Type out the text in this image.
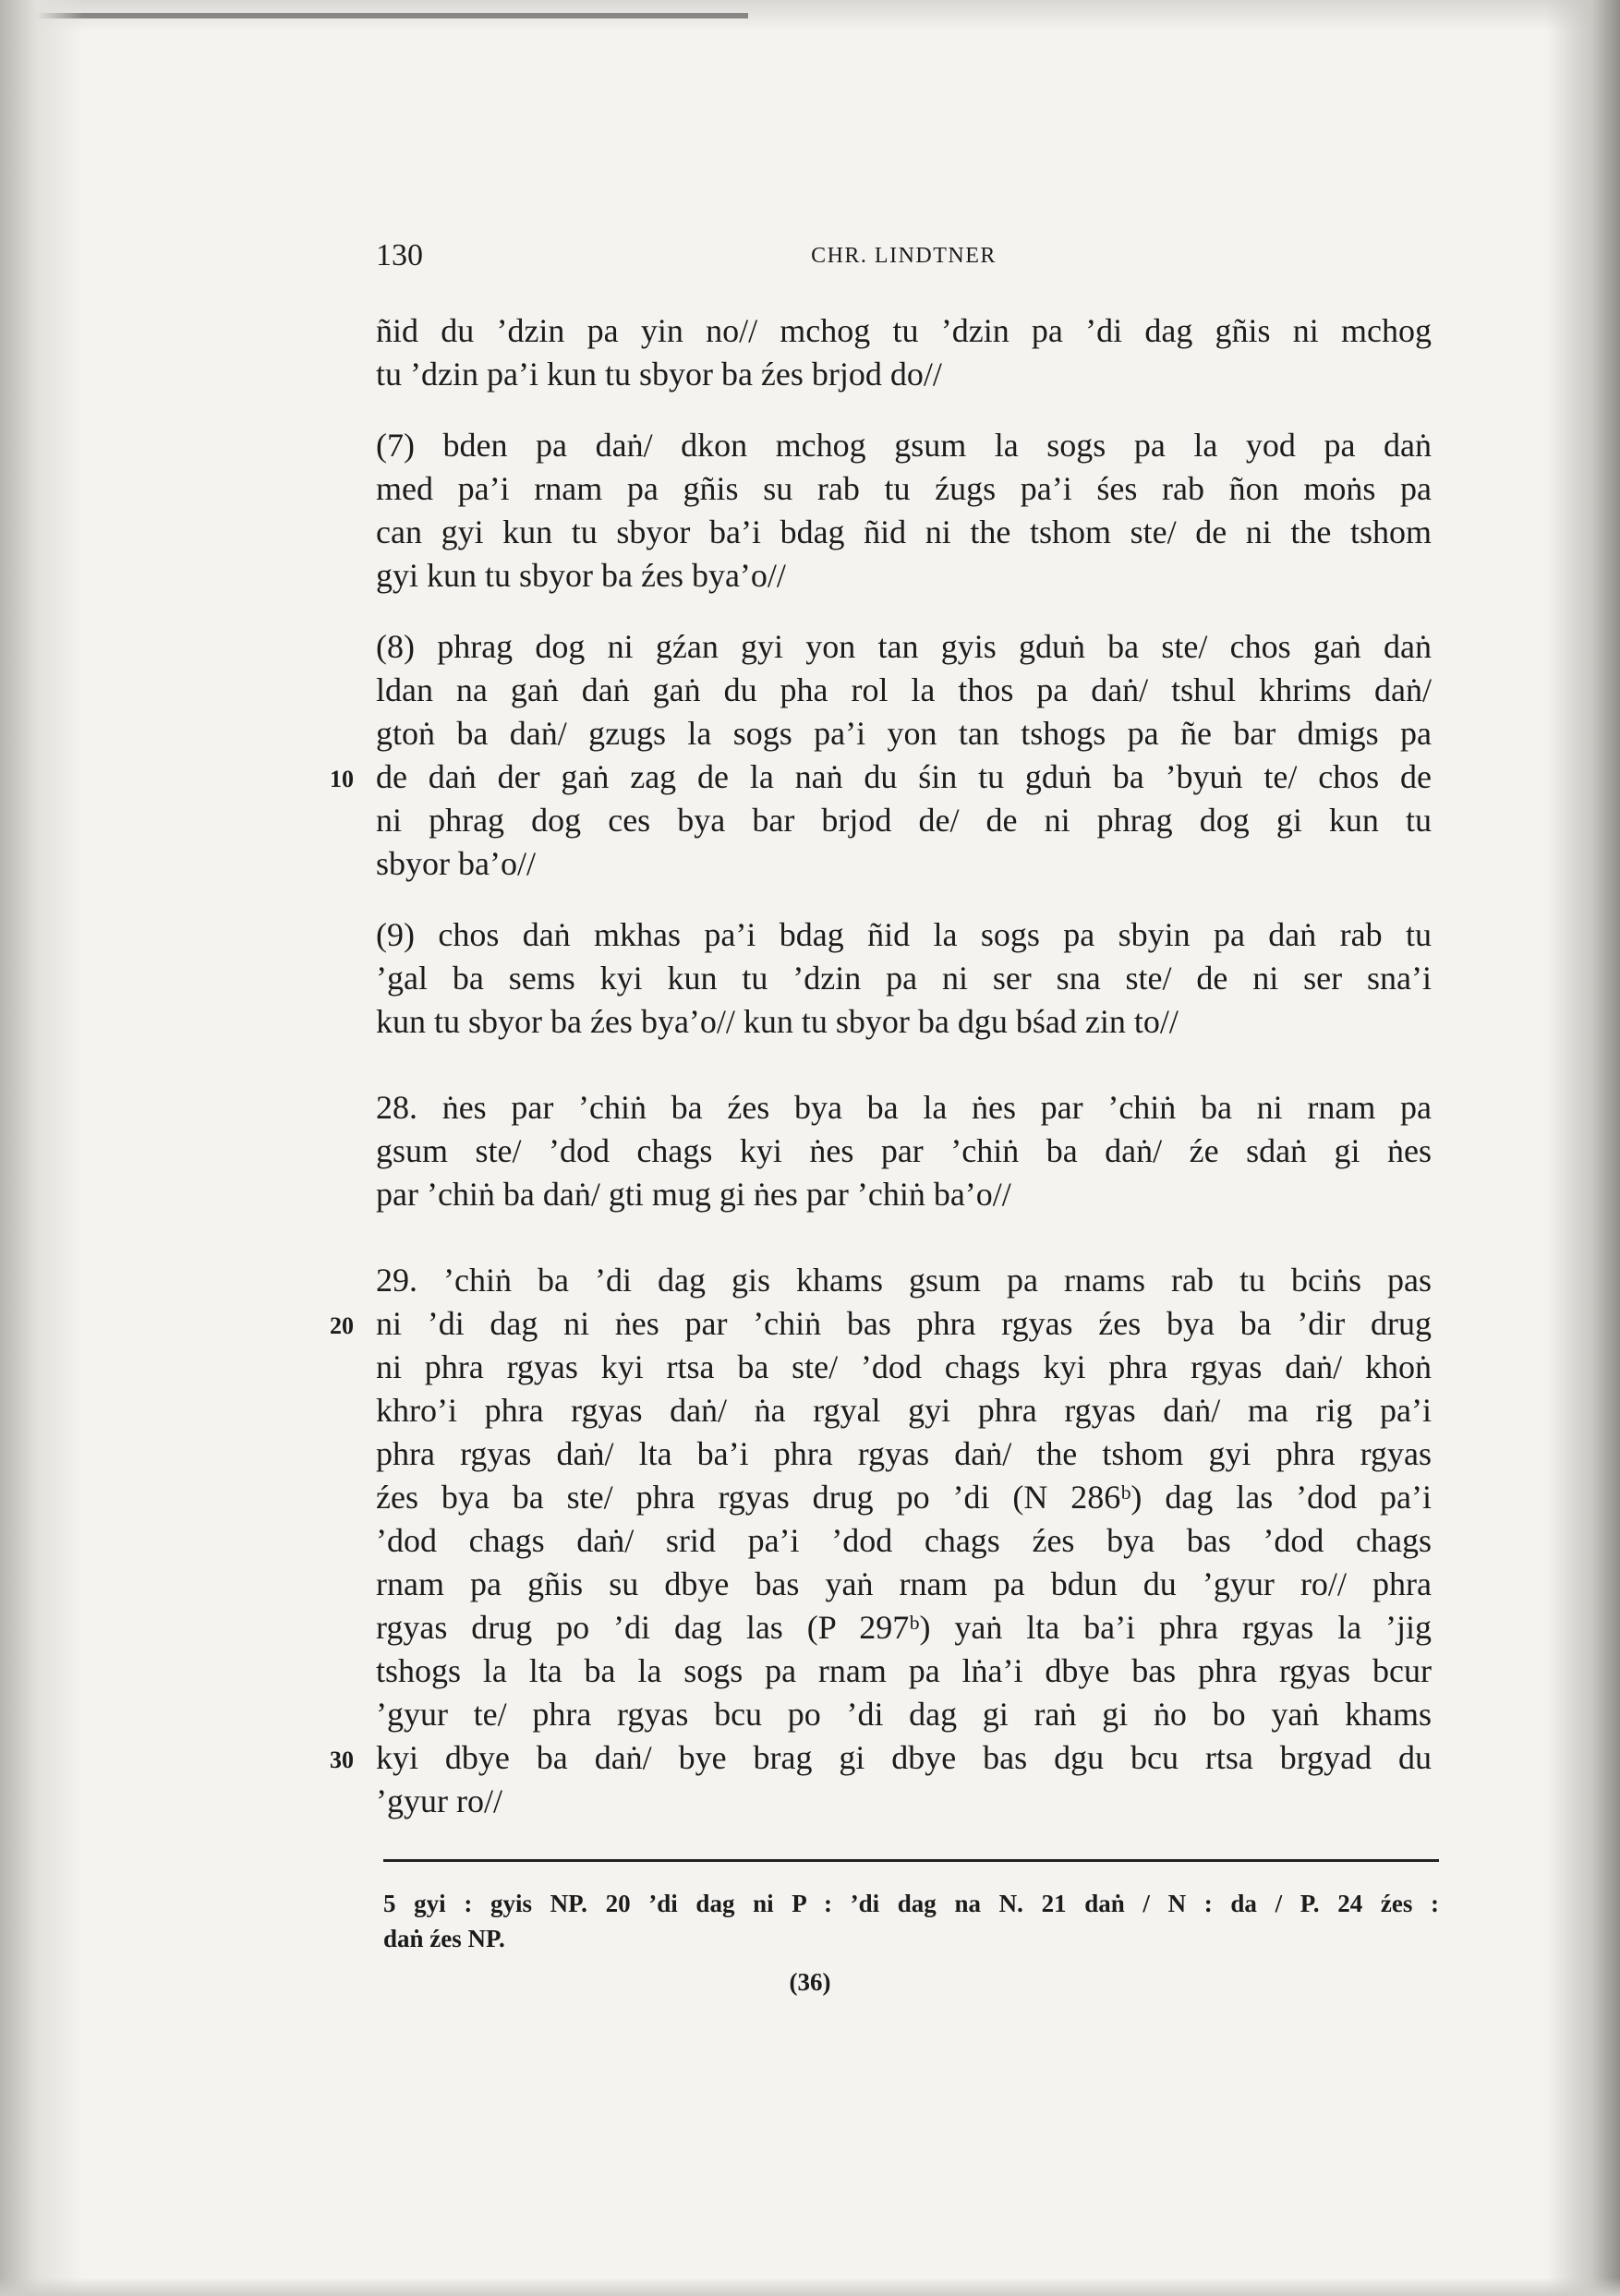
130	CHR. LINDTNER
ñid du ’dzin pa yin no// mchog tu ’dzin pa ’di dag gñis ni mchog
tu ’dzin pa’i kun tu sbyor ba źes brjod do//
(7) bden pa daṅ/ dkon mchog gsum la sogs pa la yod pa daṅ
med pa’i rnam pa gñis su rab tu źugs pa’i śes rab ñon moṅs pa
can gyi kun tu sbyor ba’i bdag ñid ni the tshom ste/ de ni the tshom
gyi kun tu sbyor ba źes bya’o//
(8) phrag dog ni gźan gyi yon tan gyis gduṅ ba ste/ chos gaṅ daṅ
ldan na gaṅ daṅ gaṅ du pha rol la thos pa daṅ/ tshul khrims daṅ/
gtoṅ ba daṅ/ gzugs la sogs pa’i yon tan tshogs pa ñe bar dmigs pa
10 de daṅ der gaṅ zag de la naṅ du śin tu gduṅ ba ’byuṅ te/ chos de
ni phrag dog ces bya bar brjod de/ de ni phrag dog gi kun tu
sbyor ba’o//
(9) chos daṅ mkhas pa’i bdag ñid la sogs pa sbyin pa daṅ rab tu
’gal ba sems kyi kun tu ’dzin pa ni ser sna ste/ de ni ser sna’i
kun tu sbyor ba źes bya’o// kun tu sbyor ba dgu bśad zin to//
28. ṅes par ’chiṅ ba źes bya ba la ṅes par ’chiṅ ba ni rnam pa
gsum ste/ ’dod chags kyi ṅes par ’chiṅ ba daṅ/ źe sdaṅ gi ṅes
par ’chiṅ ba daṅ/ gti mug gi ṅes par ’chiṅ ba’o//
29. ’chiṅ ba ’di dag gis khams gsum pa rnams rab tu bciṅs pas
20 ni ’di dag ni ṅes par ’chiṅ bas phra rgyas źes bya ba ’dir drug
ni phra rgyas kyi rtsa ba ste/ ’dod chags kyi phra rgyas daṅ/ khoṅ
khro’i phra rgyas daṅ/ ṅa rgyal gyi phra rgyas daṅ/ ma rig pa’i
phra rgyas daṅ/ lta ba’i phra rgyas daṅ/ the tshom gyi phra rgyas
źes bya ba ste/ phra rgyas drug po ’di (N 286ᵇ) dag las ’dod pa’i
’dod chags daṅ/ srid pa’i ’dod chags źes bya bas ’dod chags
rnam pa gñis su dbye bas yaṅ rnam pa bdun du ’gyur ro// phra
rgyas drug po ’di dag las (P 297ᵇ) yaṅ lta ba’i phra rgyas la ’jig
tshogs la lta ba la sogs pa rnam pa lṅa’i dbye bas phra rgyas bcur
’gyur te/ phra rgyas bcu po ’di dag gi raṅ gi ṅo bo yaṅ khams
30 kyi dbye ba daṅ/ bye brag gi dbye bas dgu bcu rtsa brgyad du
’gyur ro//
5 gyi : gyis NP. 20 ’di dag ni P : ’di dag na N. 21 daṅ / N : da / P. 24 źes :
daṅ źes NP.
(36)
